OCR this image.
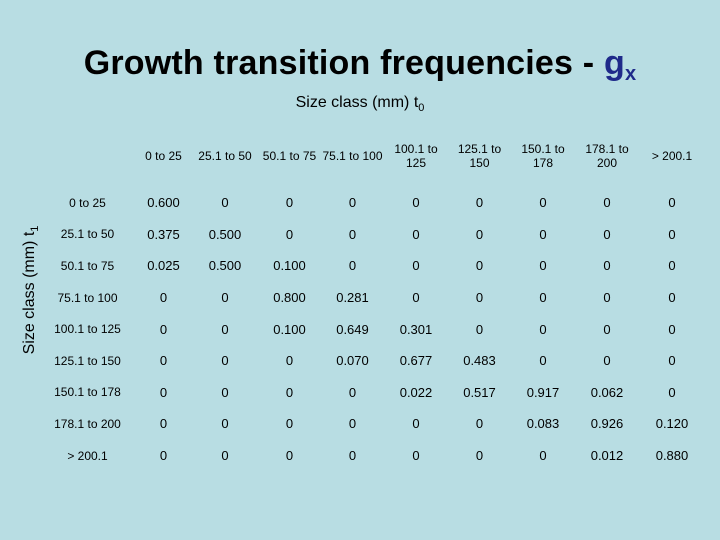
Growth transition frequencies - $g_x$
Size class (mm) $t_0$
Size class (mm) $t_1$
	0 to 25	25.1 to 50	50.1 to 75	75.1 to 100	100.1 to 125	125.1 to 150	150.1 to 178	178.1 to 200	> 200.1
0 to 25	0.600	0	0	0	0	0	0	0	0
25.1 to 50	0.375	0.500	0	0	0	0	0	0	0
50.1 to 75	0.025	0.500	0.100	0	0	0	0	0	0
75.1 to 100	0	0	0.800	0.281	0	0	0	0	0
100.1 to 125	0	0	0.100	0.649	0.301	0	0	0	0
125.1 to 150	0	0	0	0.070	0.677	0.483	0	0	0
150.1 to 178	0	0	0	0	0.022	0.517	0.917	0.062	0
178.1 to 200	0	0	0	0	0	0	0.083	0.926	0.120
> 200.1	0	0	0	0	0	0	0	0.012	0.880
